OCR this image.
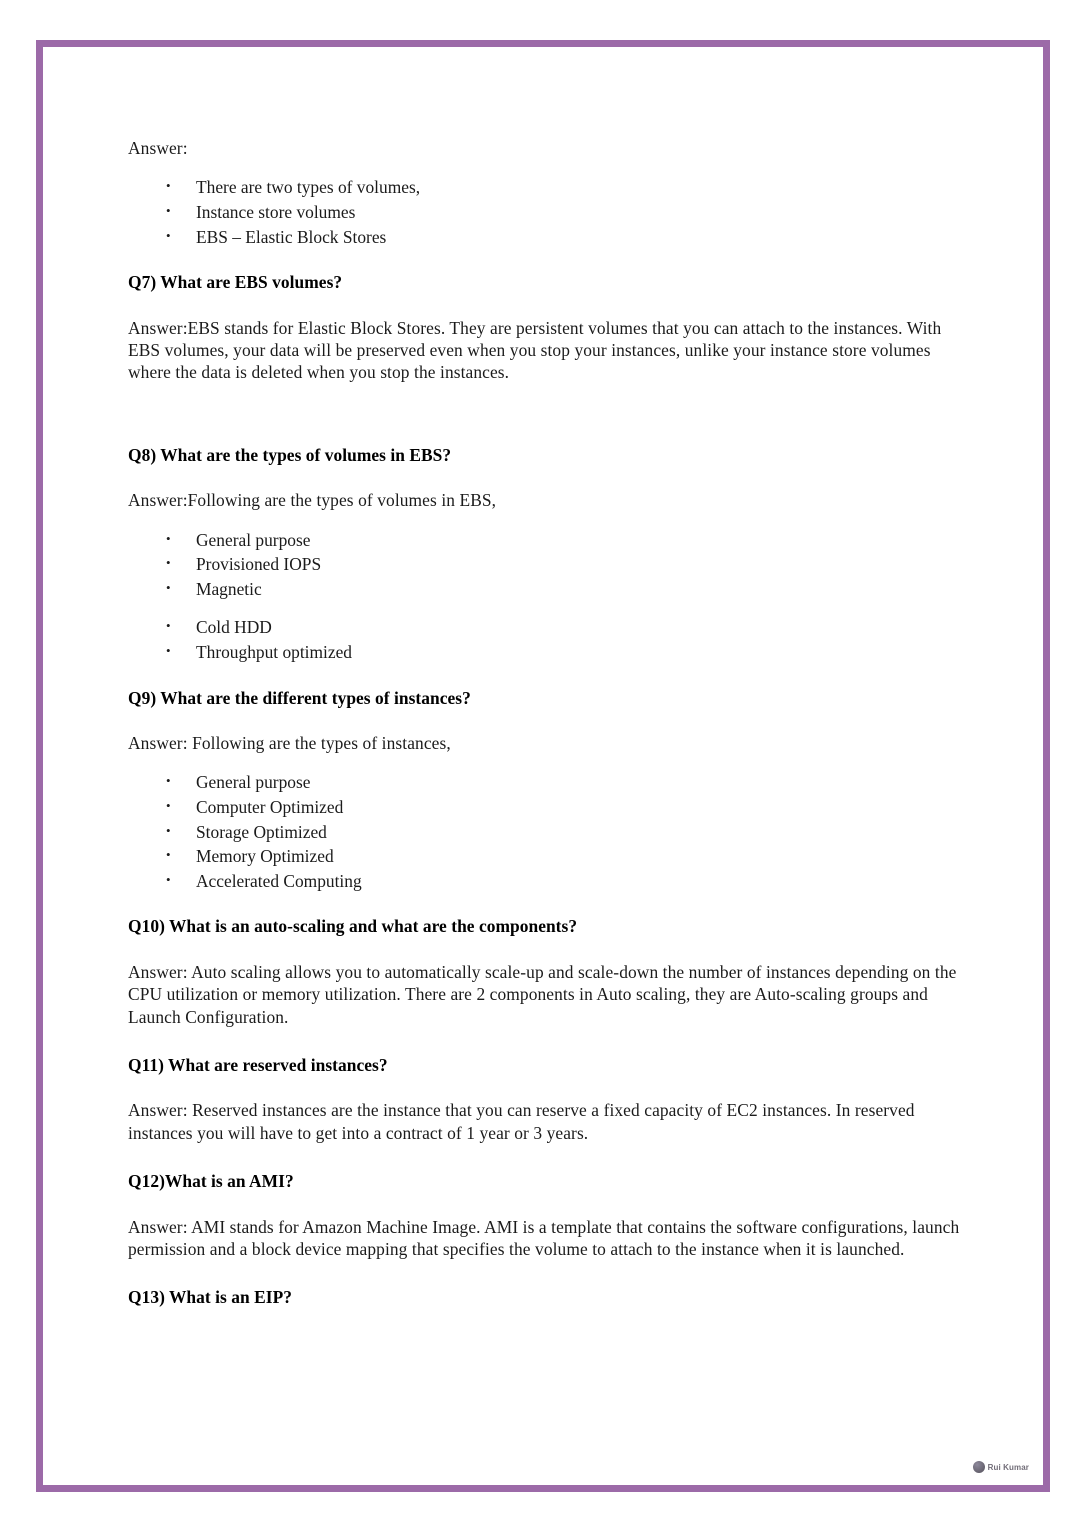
Answer:

• There are two types of volumes,
• Instance store volumes
• EBS – Elastic Block Stores

Q7) What are EBS volumes?

Answer:EBS stands for Elastic Block Stores. They are persistent volumes that you can attach to the instances. With EBS volumes, your data will be preserved even when you stop your instances, unlike your instance store volumes where the data is deleted when you stop the instances.

Q8) What are the types of volumes in EBS?

Answer:Following are the types of volumes in EBS,

• General purpose
• Provisioned IOPS
• Magnetic
• Cold HDD
• Throughput optimized

Q9) What are the different types of instances?

Answer: Following are the types of instances,

• General purpose
• Computer Optimized
• Storage Optimized
• Memory Optimized
• Accelerated Computing

Q10) What is an auto-scaling and what are the components?

Answer: Auto scaling allows you to automatically scale-up and scale-down the number of instances depending on the CPU utilization or memory utilization. There are 2 components in Auto scaling, they are Auto-scaling groups and Launch Configuration.

Q11) What are reserved instances?

Answer: Reserved instances are the instance that you can reserve a fixed capacity of EC2 instances. In reserved instances you will have to get into a contract of 1 year or 3 years.

Q12)What is an AMI?

Answer: AMI stands for Amazon Machine Image. AMI is a template that contains the software configurations, launch permission and a block device mapping that specifies the volume to attach to the instance when it is launched.

Q13) What is an EIP?

Rui Kumar
